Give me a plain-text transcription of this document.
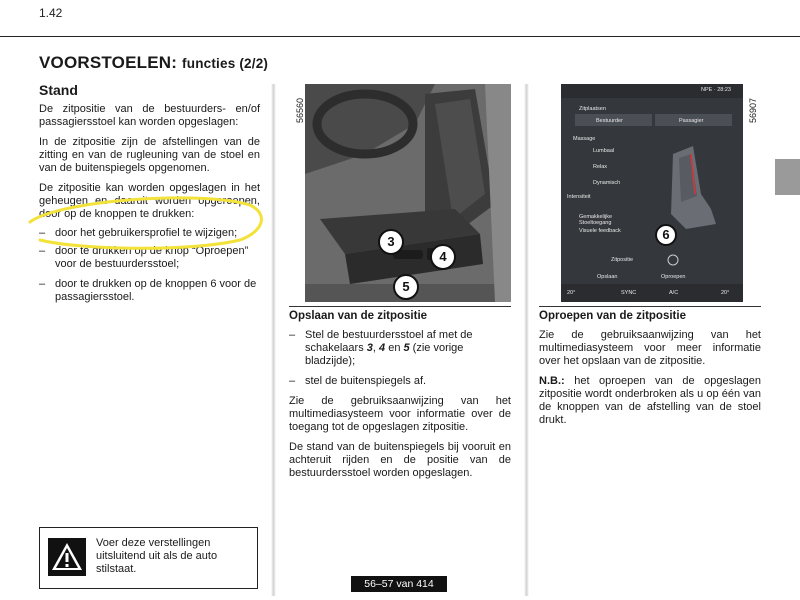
1.42
VOORSTOELEN: functies (2/2)
Stand

De zitpositie van de bestuurders- en/of passagiersstoel kan worden opgeslagen:

In de zitpositie zijn de afstellingen van de zitting en van de rugleuning van de stoel en van de buitenspiegels opgenomen.

De zitpositie kan worden opgeslagen in het geheugen en daaruit worden opgeroepen, door op de knoppen te drukken:

– door het gebruikersprofiel te wijzigen;
– door te drukken op de knop “Oproepen” voor de bestuurdersstoel;
– door te drukken op de knoppen 6 voor de passagiersstoel.
3
4
5
56560
NPE · 28:23
Zitplaatsen
Bestuurder	Passagier
Massage
Lumbaal
Relax
Dynamisch
Intensiteit
Gemakkelijke Stoeltoegang
Visuele feedback
Zitpositie
Opslaan	Oproepen
20°	SYNC	A/C	20°
6
56907
Opslaan van de zitpositie
– Stel de bestuurdersstoel af met de schakelaars 3, 4 en 5 (zie vorige bladzijde);
– stel de buitenspiegels af.

Zie de gebruiksaanwijzing van het multimediasysteem voor informatie over de toegang tot de opgeslagen zitpositie.

De stand van de buitenspiegels bij vooruit en achteruit rijden en de positie van de bestuurdersstoel worden opgeslagen.

Oproepen van de zitpositie

Zie de gebruiksaanwijzing van het multimediasysteem voor meer informatie over het opslaan van de zitpositie.

N.B.: het oproepen van de opgeslagen zitpositie wordt onderbroken als u op één van de knoppen van de afstelling van de stoel drukt.

Voer deze verstellingen uitsluitend uit als de auto stilstaat.
56–57 van 414
